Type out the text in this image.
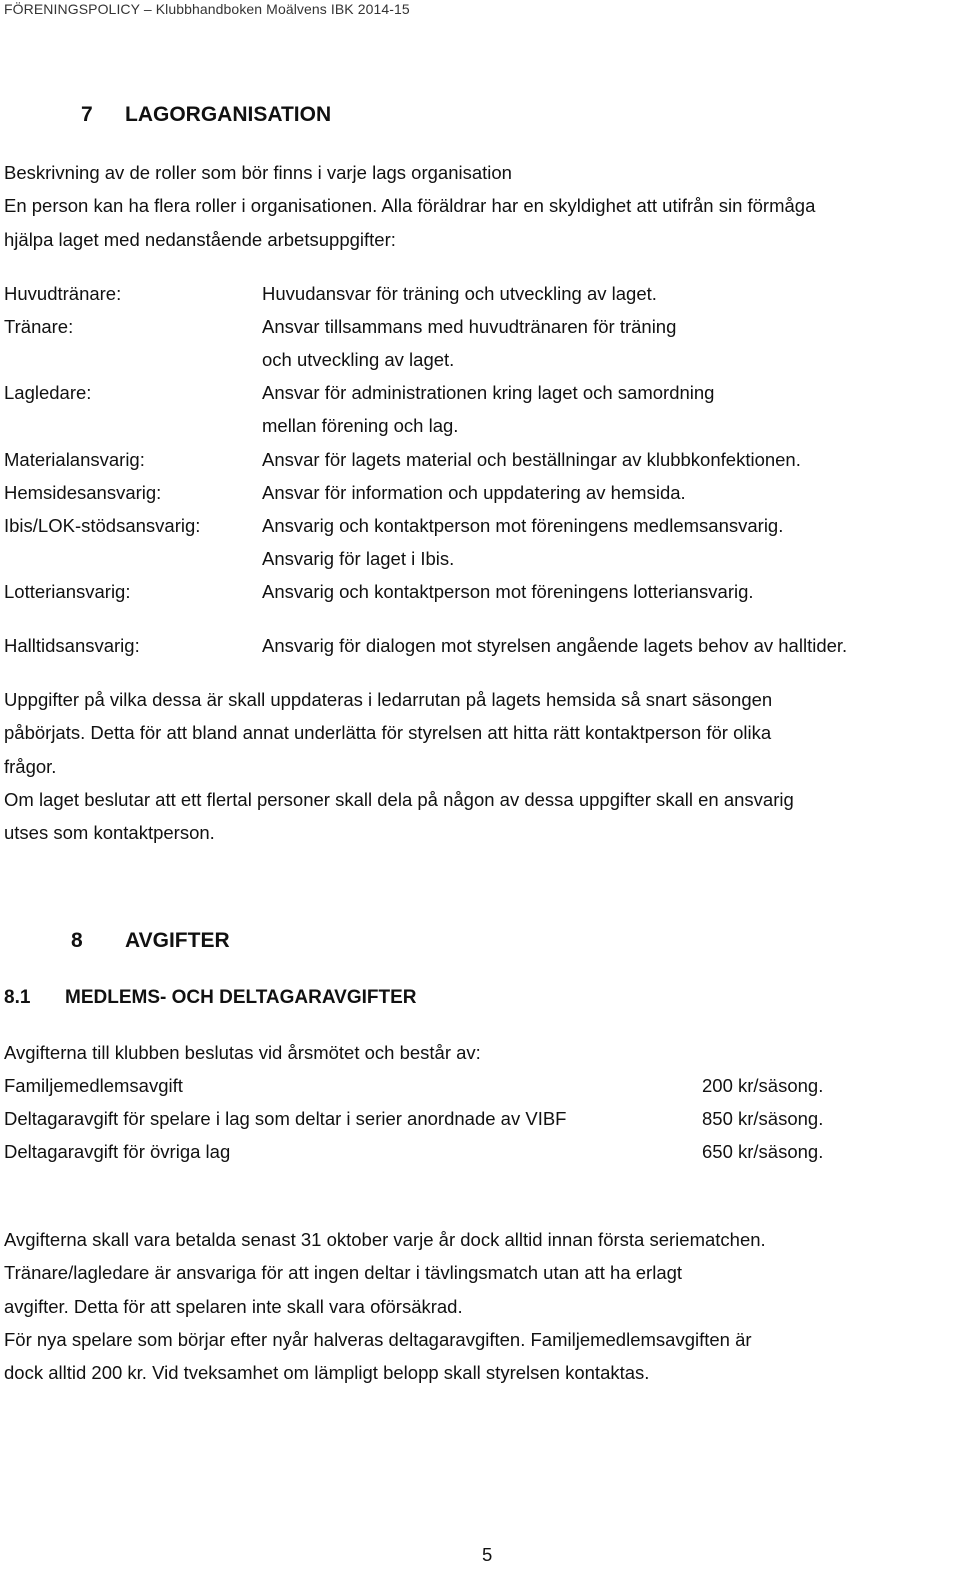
FÖRENINGSPOLICY – Klubbhandboken Moälvens IBK 2014-15
7 LAGORGANISATION
Beskrivning av de roller som bör finns i varje lags organisation
En person kan ha flera roller i organisationen. Alla föräldrar har en skyldighet att utifrån sin förmåga
hjälpa laget med nedanstående arbetsuppgifter:
Huvudtränare:	Huvudansvar för träning och utveckling av laget.
Tränare:	Ansvar tillsammans med huvudtränaren för träning
och utveckling av laget.
Lagledare:	Ansvar för administrationen kring laget och samordning
mellan förening och lag.
Materialansvarig:	Ansvar för lagets material och beställningar av klubbkonfektionen.
Hemsidesansvarig:	Ansvar för information och uppdatering av hemsida.
Ibis/LOK-stödsansvarig:	Ansvarig och kontaktperson mot föreningens medlemsansvarig.
Ansvarig för laget i Ibis.
Lotteriansvarig:	Ansvarig och kontaktperson mot föreningens lotteriansvarig.
Halltidsansvarig:	Ansvarig för dialogen mot styrelsen angående lagets behov av halltider.
Uppgifter på vilka dessa är skall uppdateras i ledarrutan på lagets hemsida så snart säsongen
påbörjats. Detta för att bland annat underlätta för styrelsen att hitta rätt kontaktperson för olika
frågor.
Om laget beslutar att ett flertal personer skall dela på någon av dessa uppgifter skall en ansvarig
utses som kontaktperson.
8 AVGIFTER
8.1 MEDLEMS- OCH DELTAGARAVGIFTER
Avgifterna till klubben beslutas vid årsmötet och består av:
Familjemedlemsavgift	200 kr/säsong.
Deltagaravgift för spelare i lag som deltar i serier anordnade av VIBF	850 kr/säsong.
Deltagaravgift för övriga lag	650 kr/säsong.
Avgifterna skall vara betalda senast 31 oktober varje år dock alltid innan första seriematchen.
Tränare/lagledare är ansvariga för att ingen deltar i tävlingsmatch utan att ha erlagt
avgifter. Detta för att spelaren inte skall vara oförsäkrad.
För nya spelare som börjar efter nyår halveras deltagaravgiften. Familjemedlemsavgiften är
dock alltid 200 kr. Vid tveksamhet om lämpligt belopp skall styrelsen kontaktas.
5
